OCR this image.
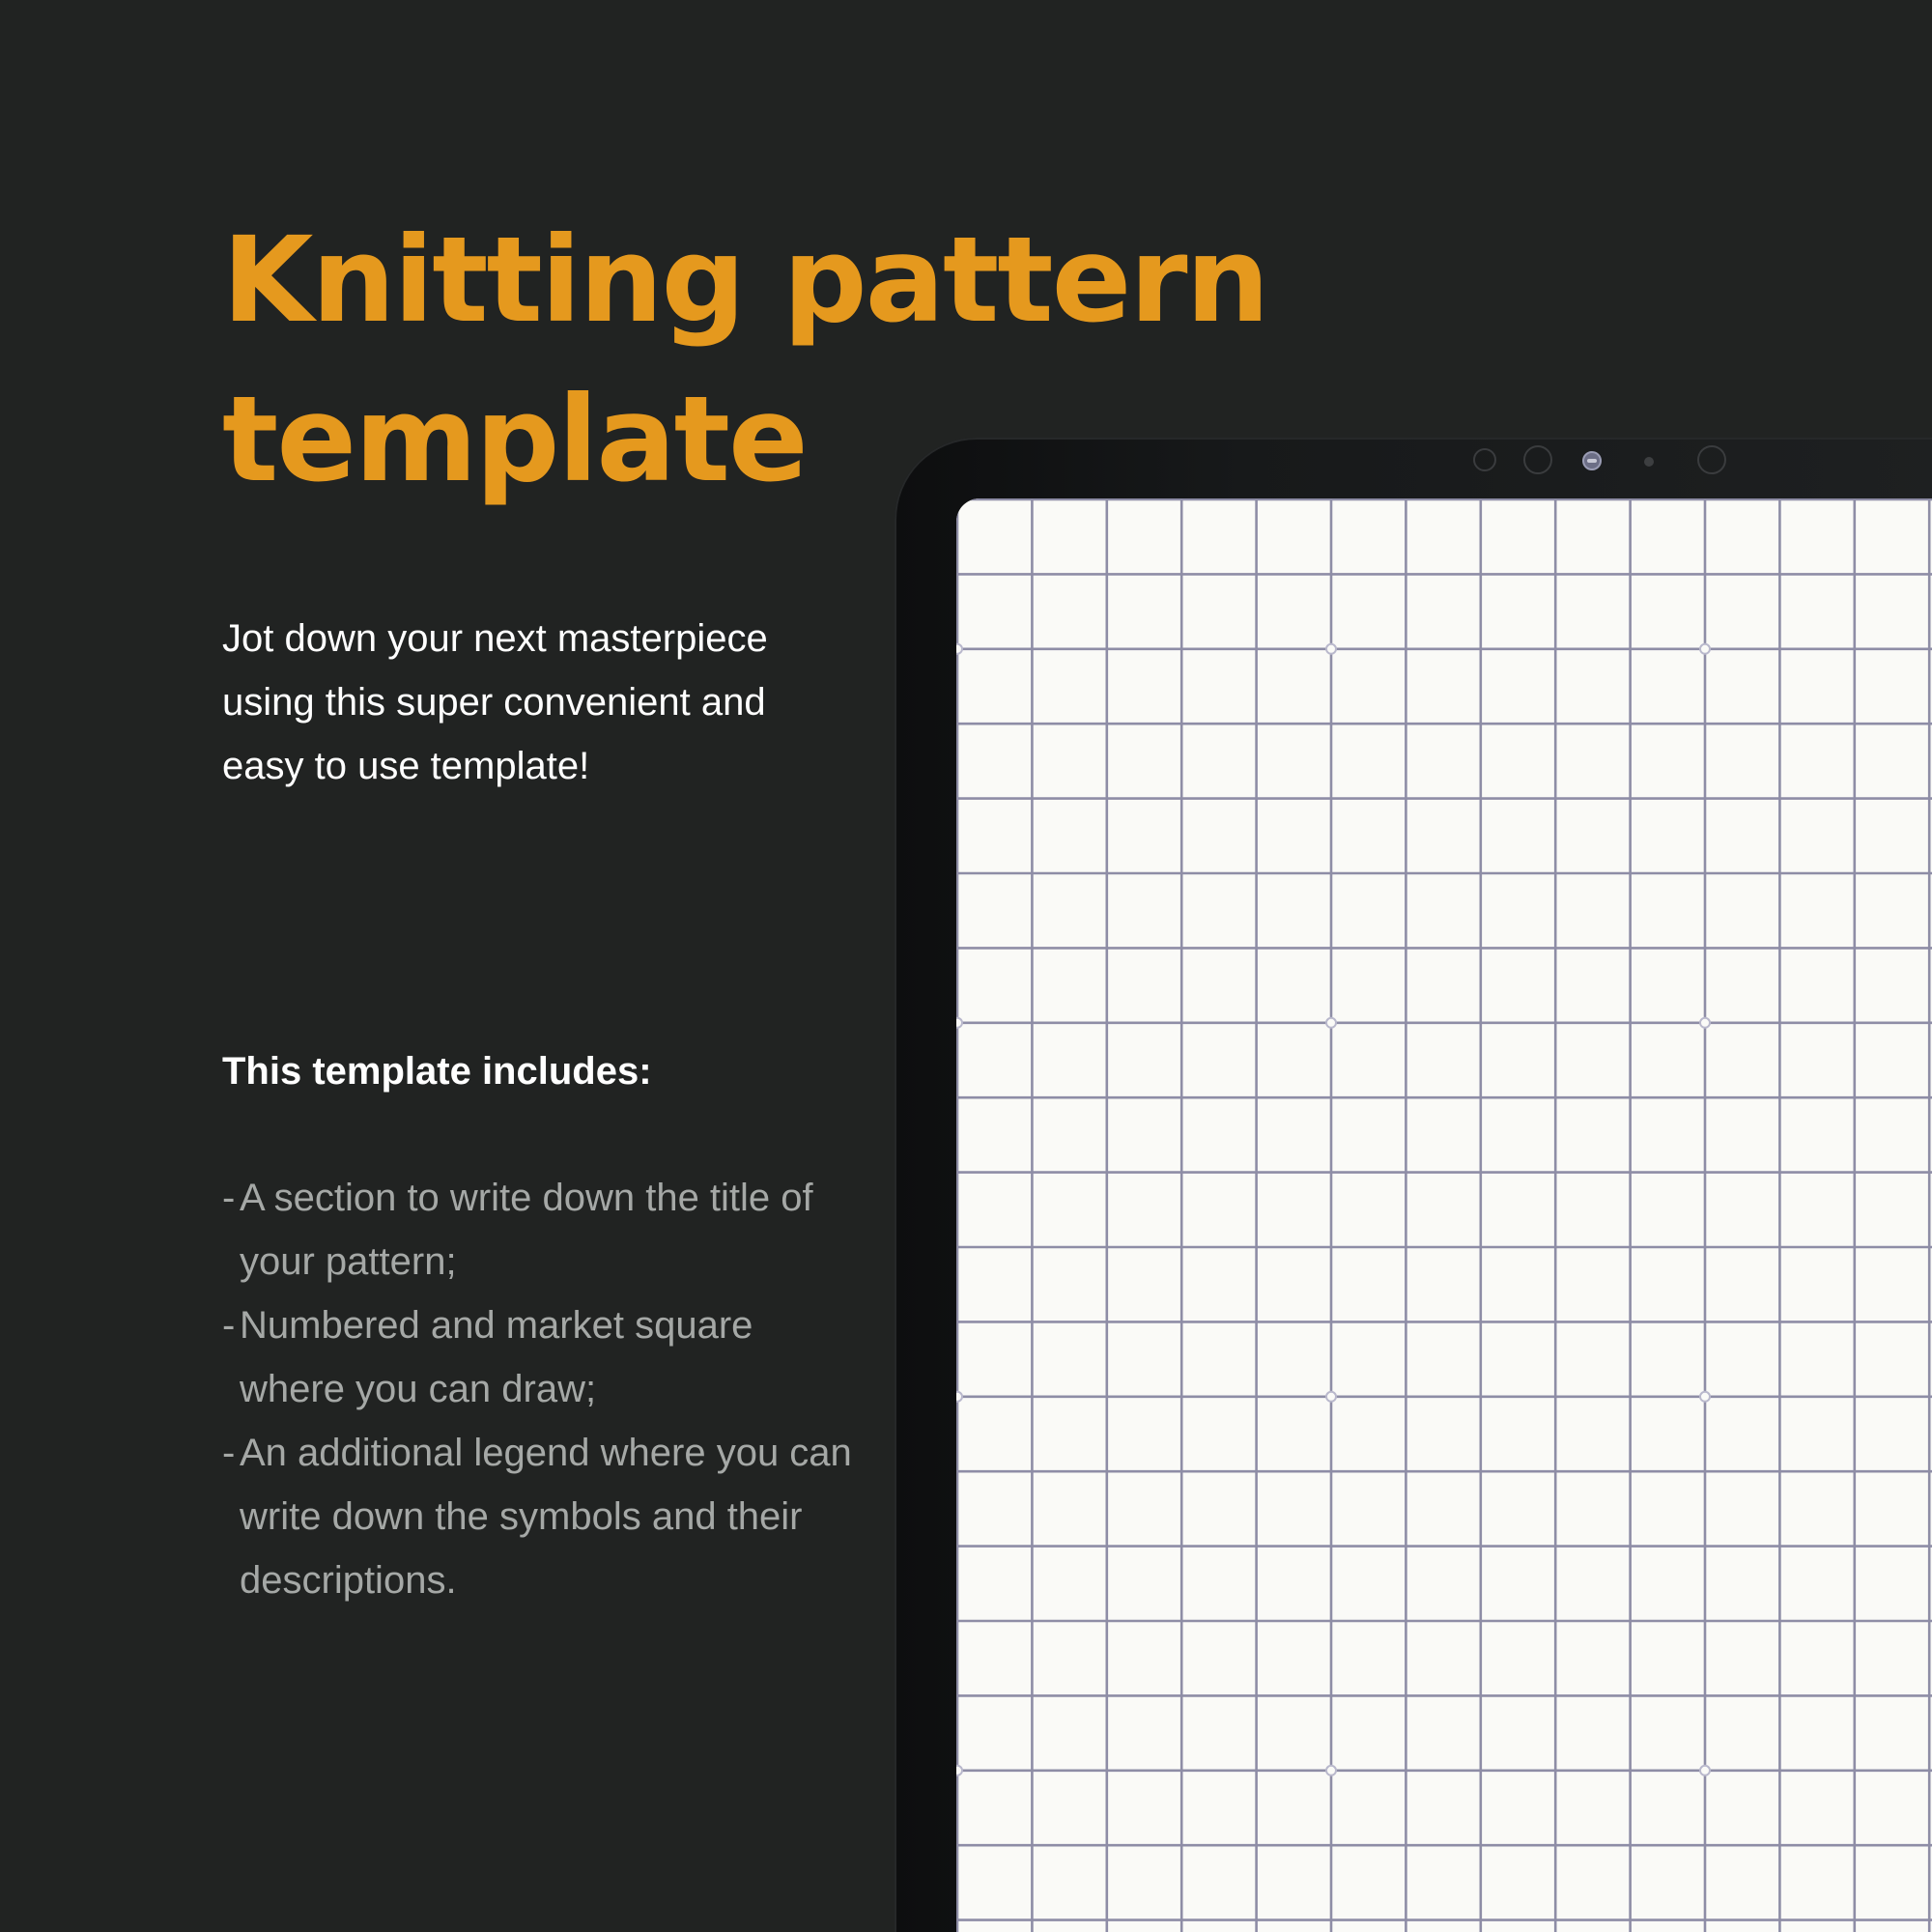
Knitting pattern template

Jot down your next masterpiece using this super convenient and easy to use template!

This template includes:
- A section to write down the title of your pattern;
- Numbered and market square where you can draw;
- An additional legend where you can write down the symbols and their descriptions.
